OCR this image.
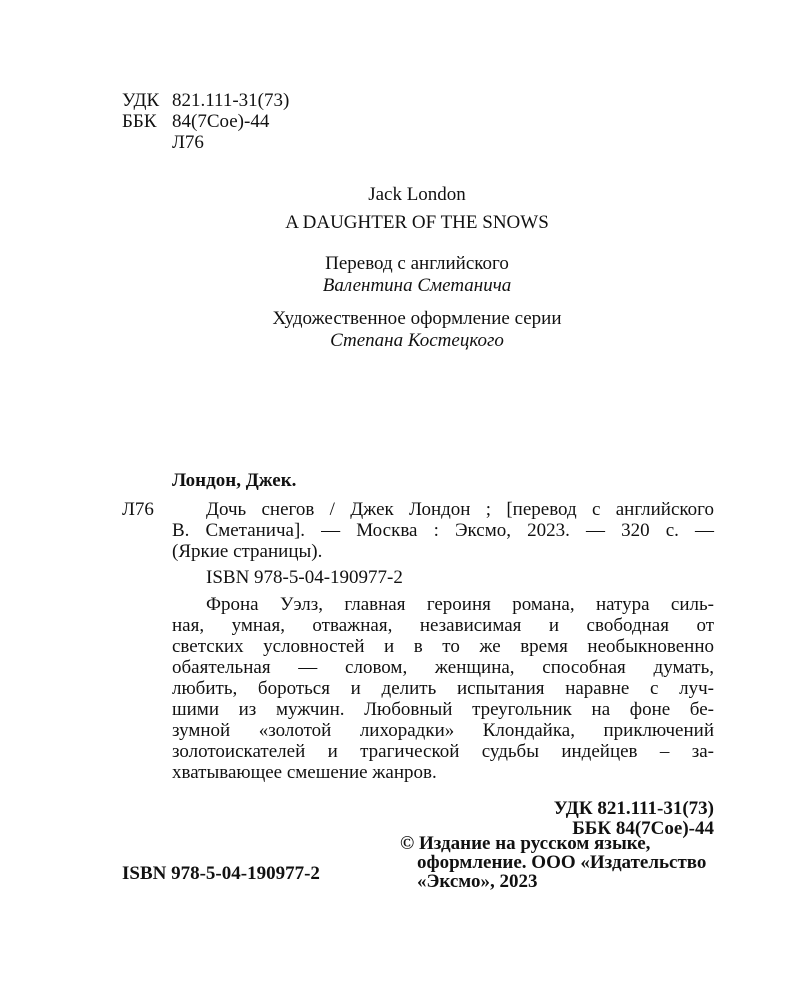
УДК 821.111-31(73)
ББК 84(7Сое)-44
Л76
Jack London
A DAUGHTER OF THE SNOWS
Перевод с английского
Валентина Сметанича
Художественное оформление серии
Степана Костецкого
Лондон, Джек.
Л76	Дочь снегов / Джек Лондон ; [перевод с английского
В. Сметанича]. — Москва : Эксмо, 2023. — 320 с. —
(Яркие страницы).
ISBN 978-5-04-190977-2
Фрона Уэлз, главная героиня романа, натура силь-
ная, умная, отважная, независимая и свободная от
светских условностей и в то же время необыкновенно
обаятельная — словом, женщина, способная думать,
любить, бороться и делить испытания наравне с луч-
шими из мужчин. Любовный треугольник на фоне бе-
зумной «золотой лихорадки» Клондайка, приключений
золотоискателей и трагической судьбы индейцев – за-
хватывающее смешение жанров.
УДК 821.111-31(73)
ББК 84(7Сое)-44
ISBN 978-5-04-190977-2
© Издание на русском языке,
оформление. ООО «Издательство
«Эксмо», 2023
